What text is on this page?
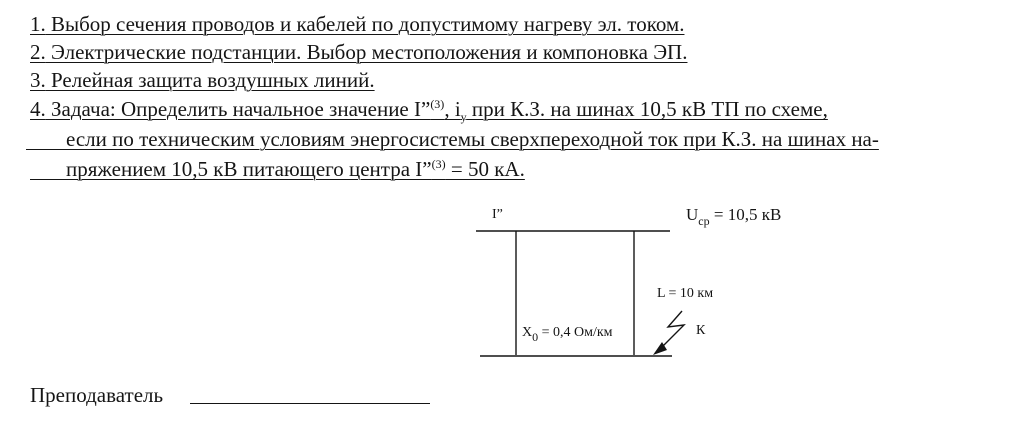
1. Выбор сечения проводов и кабелей по допустимому нагреву эл. током.
2. Электрические подстанции. Выбор местоположения и компоновка ЭП.
3. Релейная защита воздушных линий.
4. Задача: Определить начальное значение I”$^{(3)}$, $i_y$ при К.З. на шинах 10,5 кВ ТП по схеме,
если по техническим условиям энергосистемы сверхпереходной ток при К.З. на шинах на-
пряжением 10,5 кВ питающего центра I”$^{(3)}$ = 50 кА.
I”	$U_{ср} = 10,5$ кВ
L = 10 км
$X_0 = 0,4$ Ом/км	К
Преподаватель
